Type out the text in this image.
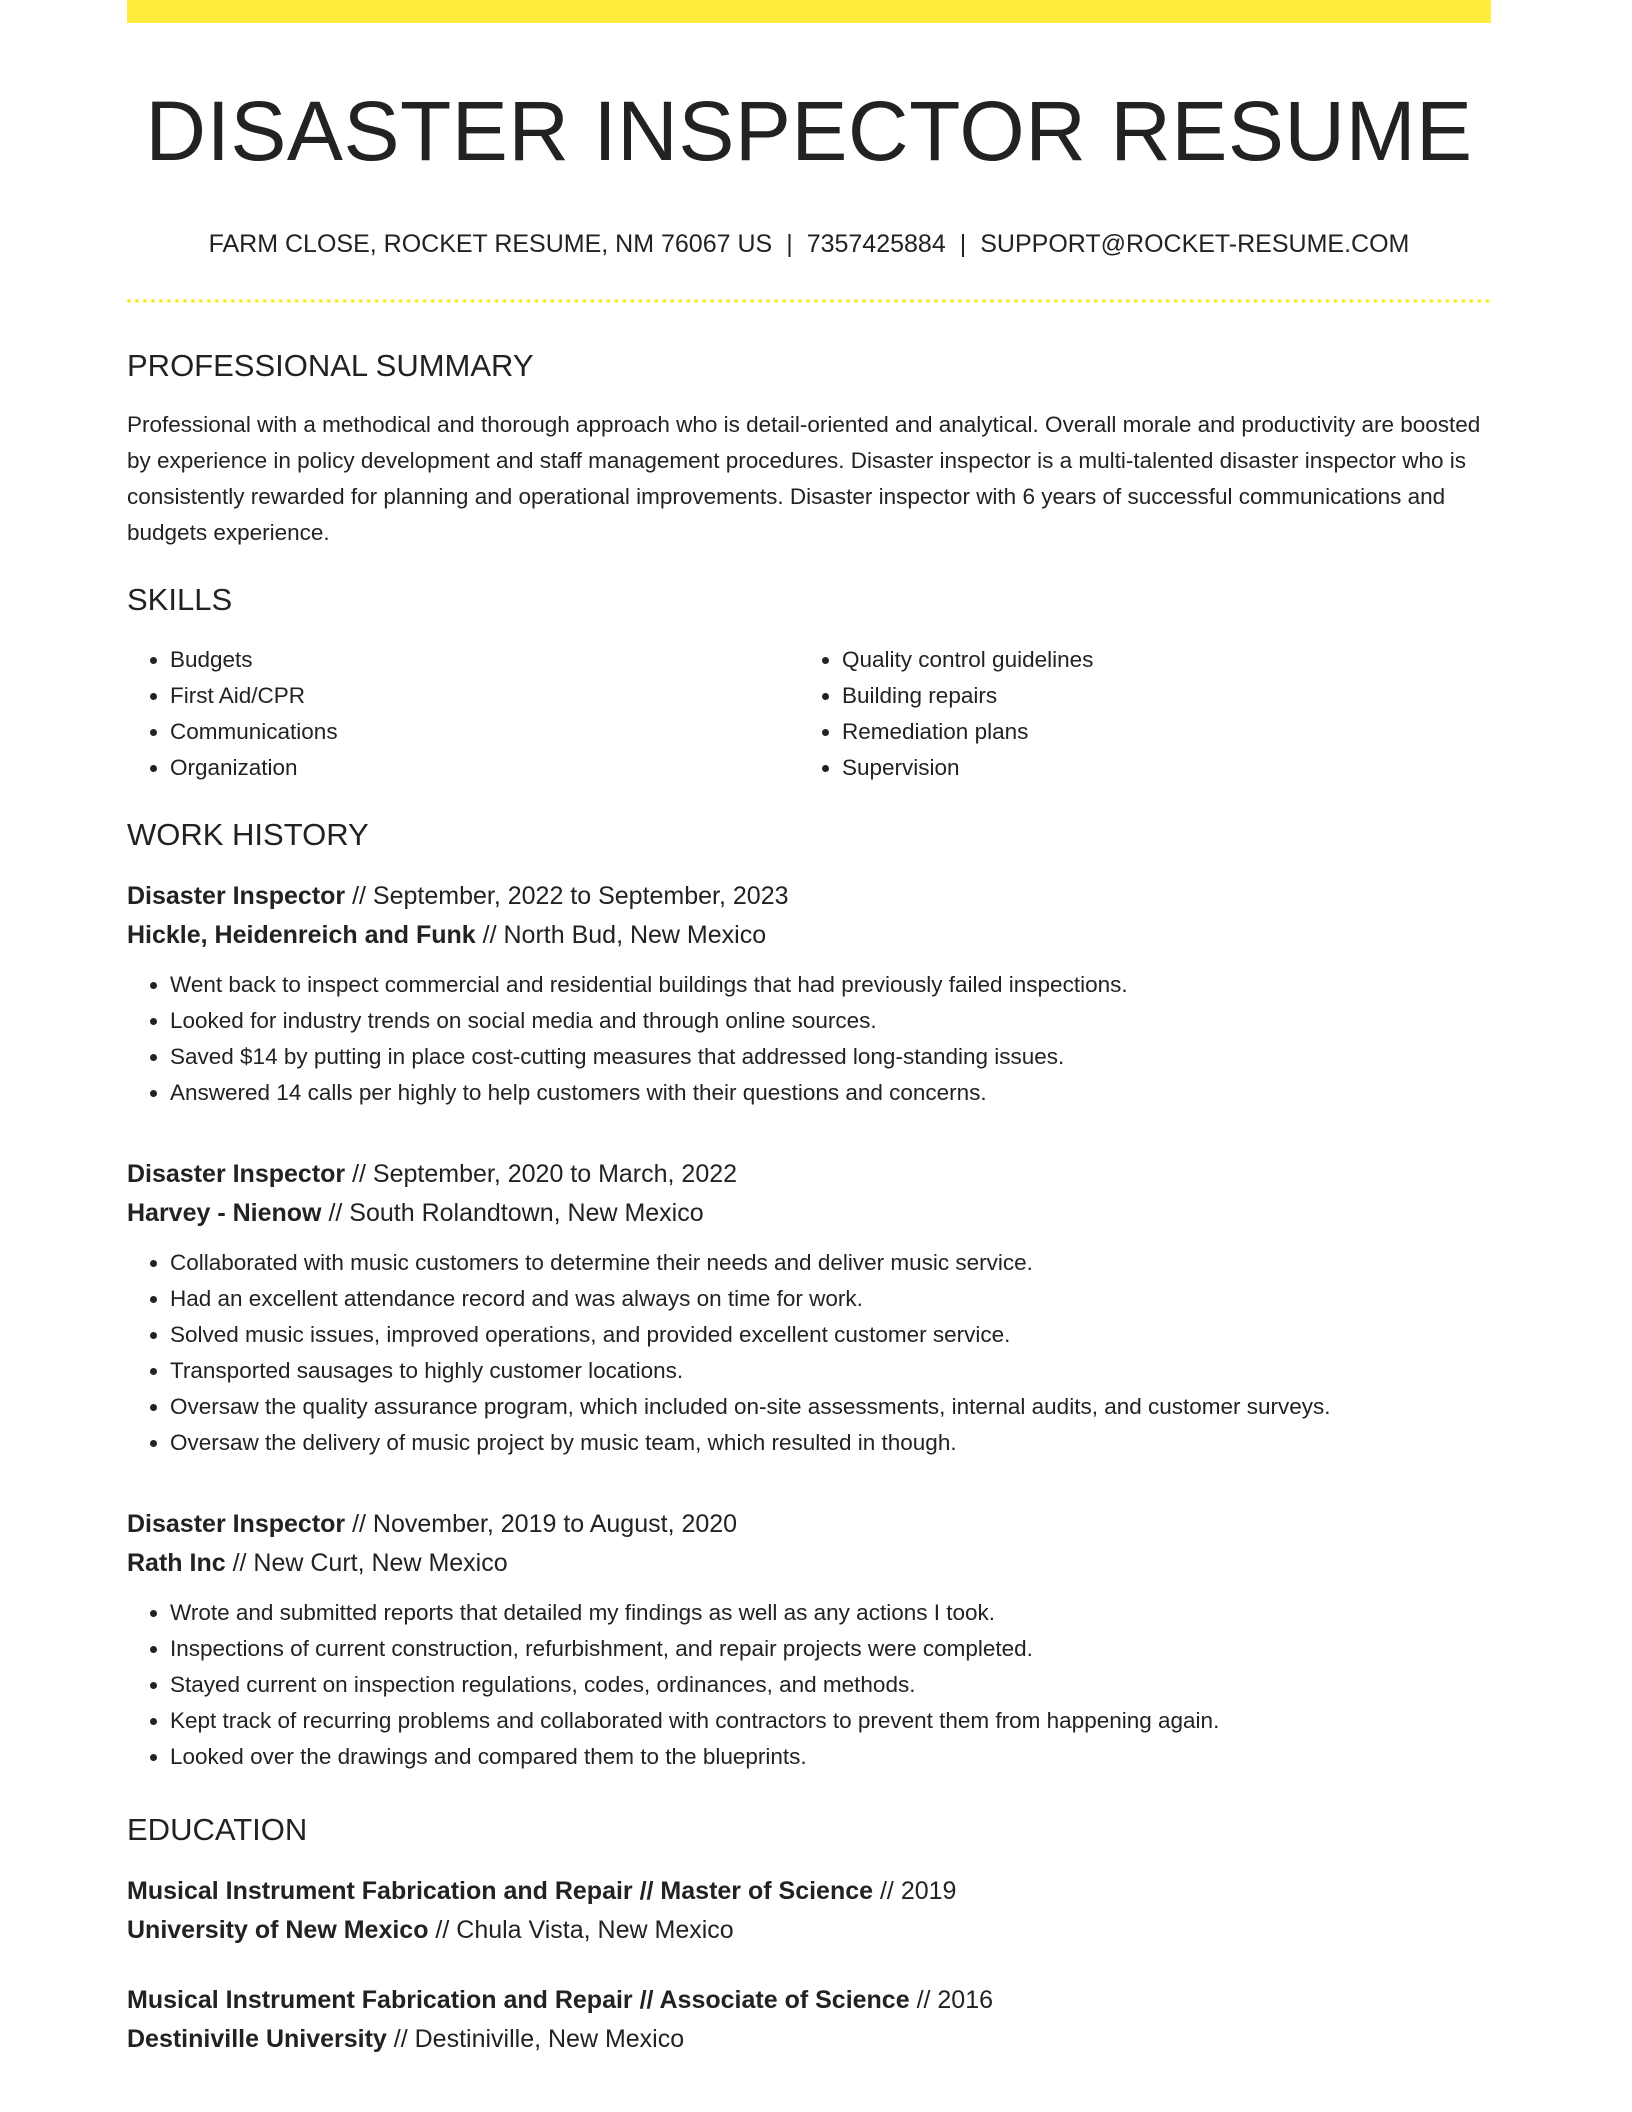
DISASTER INSPECTOR RESUME
FARM CLOSE, ROCKET RESUME, NM 76067 US | 7357425884 | SUPPORT@ROCKET-RESUME.COM
PROFESSIONAL SUMMARY

Professional with a methodical and thorough approach who is detail-oriented and analytical. Overall morale and productivity are boosted by experience in policy development and staff management procedures. Disaster inspector is a multi-talented disaster inspector who is consistently rewarded for planning and operational improvements. Disaster inspector with 6 years of successful communications and budgets experience.

SKILLS
• Budgets
• First Aid/CPR
• Communications
• Organization
• Quality control guidelines
• Building repairs
• Remediation plans
• Supervision
WORK HISTORY

Disaster Inspector // September, 2022 to September, 2023

Hickle, Heidenreich and Funk // North Bud, New Mexico

• Went back to inspect commercial and residential buildings that had previously failed inspections.
• Looked for industry trends on social media and through online sources.
• Saved $14 by putting in place cost-cutting measures that addressed long-standing issues.
• Answered 14 calls per highly to help customers with their questions and concerns.

Disaster Inspector // September, 2020 to March, 2022

Harvey - Nienow // South Rolandtown, New Mexico

• Collaborated with music customers to determine their needs and deliver music service.
• Had an excellent attendance record and was always on time for work.
• Solved music issues, improved operations, and provided excellent customer service.
• Transported sausages to highly customer locations.
• Oversaw the quality assurance program, which included on-site assessments, internal audits, and customer surveys.
• Oversaw the delivery of music project by music team, which resulted in though.

Disaster Inspector // November, 2019 to August, 2020

Rath Inc // New Curt, New Mexico

• Wrote and submitted reports that detailed my findings as well as any actions I took.
• Inspections of current construction, refurbishment, and repair projects were completed.
• Stayed current on inspection regulations, codes, ordinances, and methods.
• Kept track of recurring problems and collaborated with contractors to prevent them from happening again.
• Looked over the drawings and compared them to the blueprints.
EDUCATION

Musical Instrument Fabrication and Repair // Master of Science // 2019

University of New Mexico // Chula Vista, New Mexico

Musical Instrument Fabrication and Repair // Associate of Science // 2016

Destiniville University // Destiniville, New Mexico
